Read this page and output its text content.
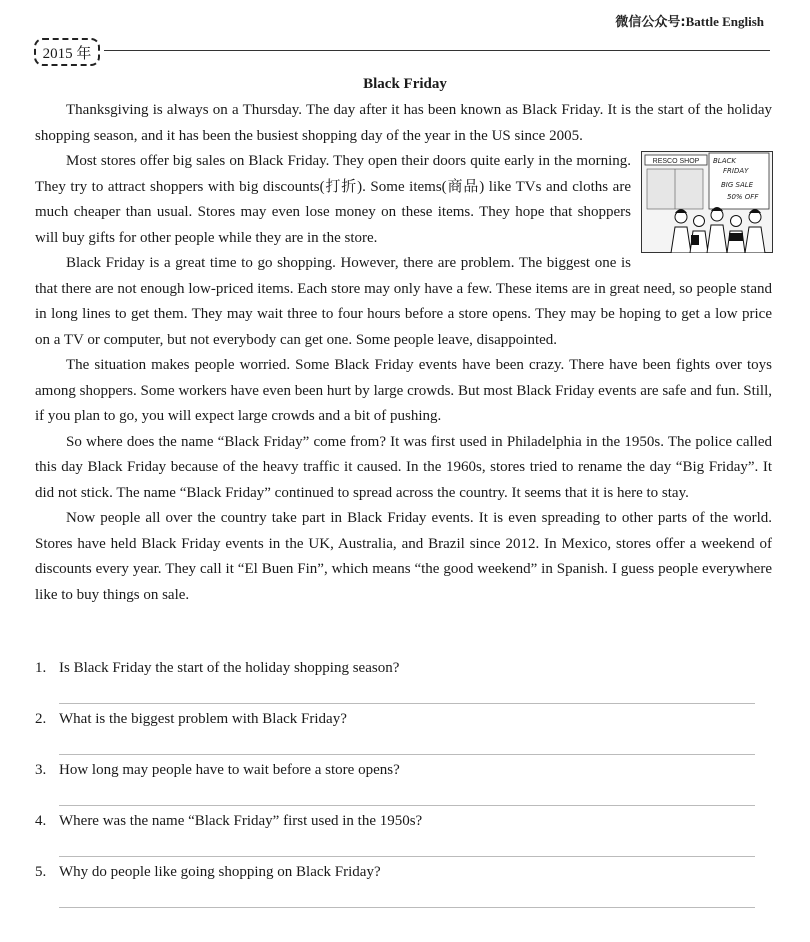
微信公众号:Battle English
2015 年
Black Friday

Thanksgiving is always on a Thursday. The day after it has been known as Black Friday. It is the start of the holiday shopping season, and it has been the busiest shopping day of the year in the US since 2005.

RESCO SHOP BLACK
FRIDAY
BIG SALE
50% OFF
Most stores offer big sales on Black Friday. They open their doors quite early in the morning. They try to attract shoppers with big discounts(打折). Some items(商品) like TVs and cloths are much cheaper than usual. Stores may even lose money on these items. They hope that shoppers will buy gifts for other people while they are in the store.

Black Friday is a great time to go shopping. However, there are problem. The biggest one is that there are not enough low-priced items. Each store may only have a few. These items are in great need, so people stand in long lines to get them. They may wait three to four hours before a store opens. They may be hoping to get a low price on a TV or computer, but not everybody can get one. Some people leave, disappointed.

The situation makes people worried. Some Black Friday events have been crazy. There have been fights over toys among shoppers. Some workers have even been hurt by large crowds. But most Black Friday events are safe and fun. Still, if you plan to go, you will expect large crowds and a bit of pushing.

So where does the name “Black Friday” come from? It was first used in Philadelphia in the 1950s. The police called this day Black Friday because of the heavy traffic it caused. In the 1960s, stores tried to rename the day “Big Friday”. It did not stick. The name “Black Friday” continued to spread across the country. It seems that it is here to stay.

Now people all over the country take part in Black Friday events. It is even spreading to other parts of the world. Stores have held Black Friday events in the UK, Australia, and Brazil since 2012. In Mexico, stores offer a weekend of discounts every year. They call it “El Buen Fin”, which means “the good weekend” in Spanish. I guess people everywhere like to buy things on sale.

1. Is Black Friday the start of the holiday shopping season?
2. What is the biggest problem with Black Friday?
3. How long may people have to wait before a store opens?
4. Where was the name “Black Friday” first used in the 1950s?
5. Why do people like going shopping on Black Friday?
